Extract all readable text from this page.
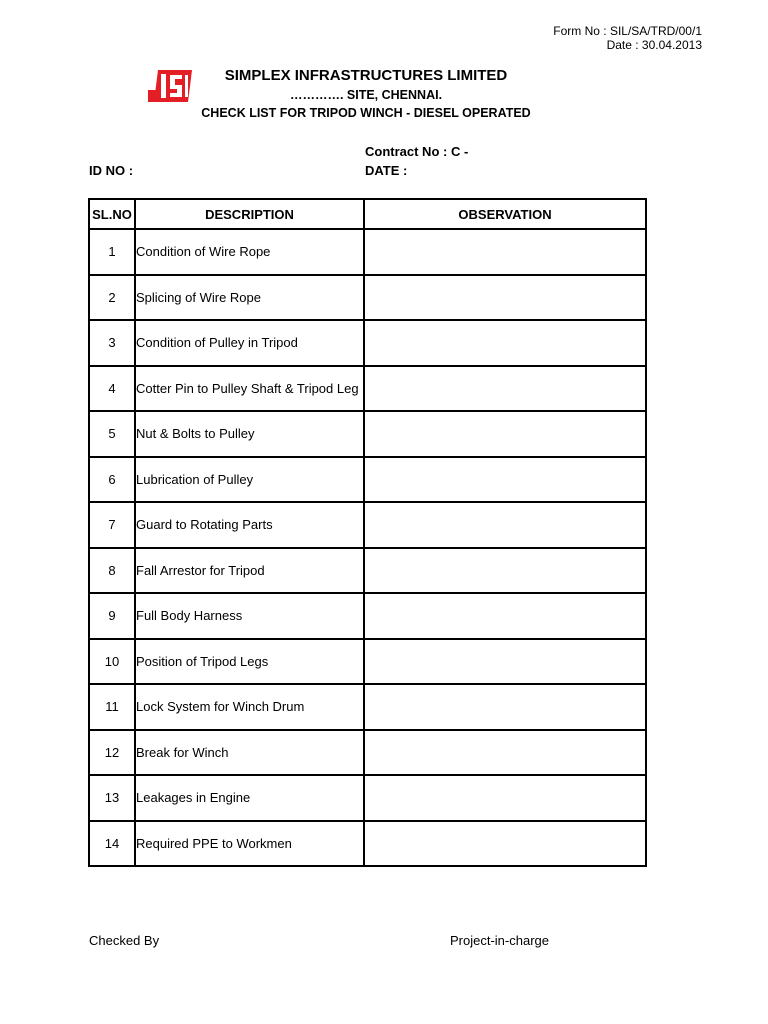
Form No : SIL/SA/TRD/00/1
Date : 30.04.2013
SIMPLEX INFRASTRUCTURES LIMITED
…………. SITE, CHENNAI.
CHECK LIST FOR TRIPOD WINCH - DIESEL OPERATED
Contract No : C -
ID NO :	DATE :
SL.NO	DESCRIPTION	OBSERVATION
1	Condition of Wire Rope	
2	Splicing of Wire Rope	
3	Condition of Pulley in Tripod	
4	Cotter Pin to Pulley Shaft & Tripod Leg	
5	Nut & Bolts to Pulley	
6	Lubrication of Pulley	
7	Guard to Rotating Parts	
8	Fall Arrestor for Tripod	
9	Full Body Harness	
10	Position of Tripod Legs	
11	Lock System for Winch Drum	
12	Break for Winch	
13	Leakages in Engine	
14	Required PPE to Workmen	
Checked By	Project-in-charge
